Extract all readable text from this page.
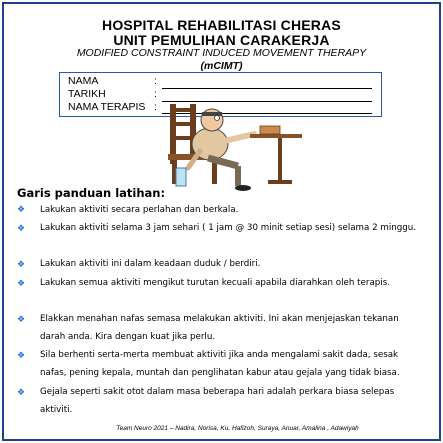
HOSPITAL REHABILITASI CHERAS
UNIT PEMULIHAN CARAKERJA
MODIFIED CONSTRAINT INDUCED MOVEMENT THERAPY
(mCIMT)
NAMA	:
TARIKH	:
NAMA TERAPIS :
Garis panduan latihan:
❖ Lakukan aktiviti secara perlahan dan berkala.
❖ Lakukan aktiviti selama 3 jam sehari ( 1 jam @ 30 minit setiap sesi) selama 2 minggu.
❖ Lakukan aktiviti ini dalam keadaan duduk / berdiri.
❖ Lakukan semua aktiviti mengikut turutan kecuali apabila diarahkan oleh terapis.
❖ Elakkan menahan nafas semasa melakukan aktiviti. Ini akan menjejaskan tekanan darah anda. Kira dengan kuat jika perlu.
❖ Sila berhenti serta-merta membuat aktiviti jika anda mengalami sakit dada, sesak nafas, pening kepala, muntah dan penglihatan kabur atau gejala yang tidak biasa.
❖ Gejala seperti sakit otot dalam masa beberapa hari adalah perkara biasa selepas aktiviti.
Team Neuro 2021 – Nadira, Norisa, Ku, Hafizoh, Suraya, Anuar, Amalina , Adawiyah
